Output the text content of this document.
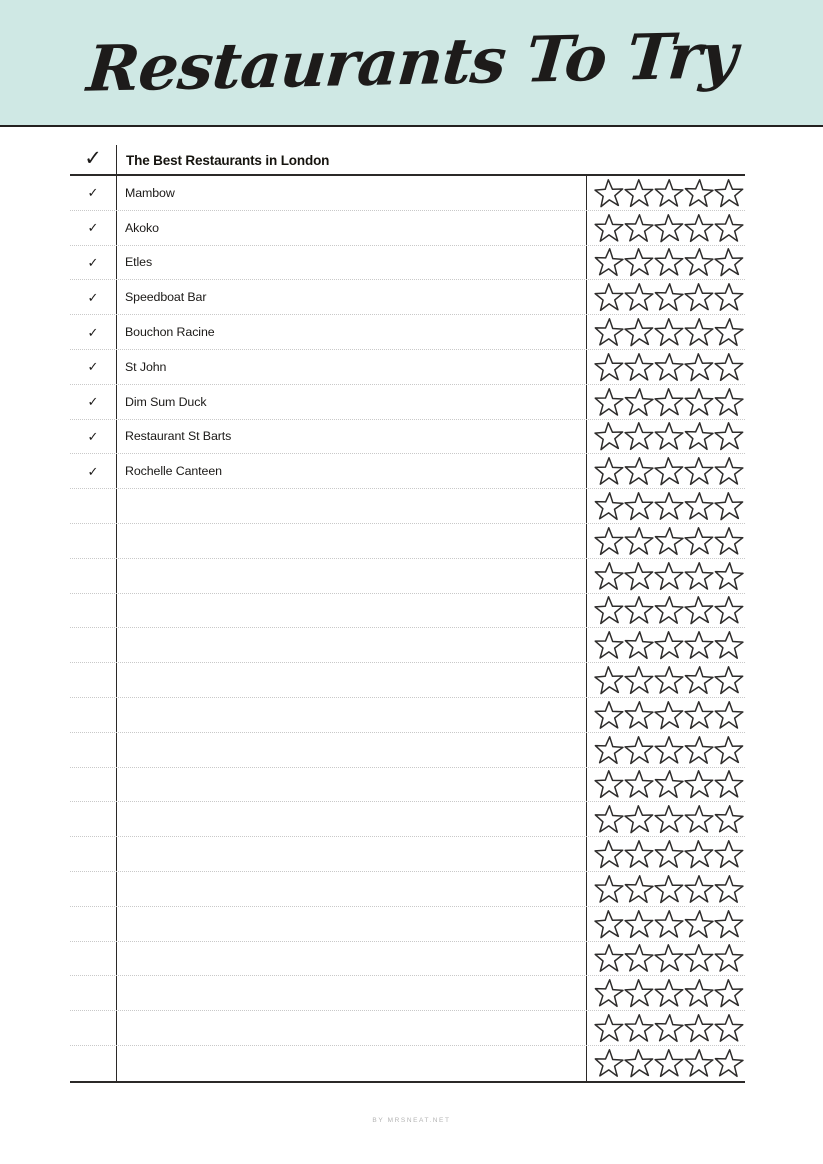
Restaurants To Try
✓	The Best Restaurants in London
✓	Mambow
✓	Akoko
✓	Etles
✓	Speedboat Bar
✓	Bouchon Racine
✓	St John
✓	Dim Sum Duck
✓	Restaurant St Barts
✓	Rochelle Canteen
BY MRSNEAT.NET
